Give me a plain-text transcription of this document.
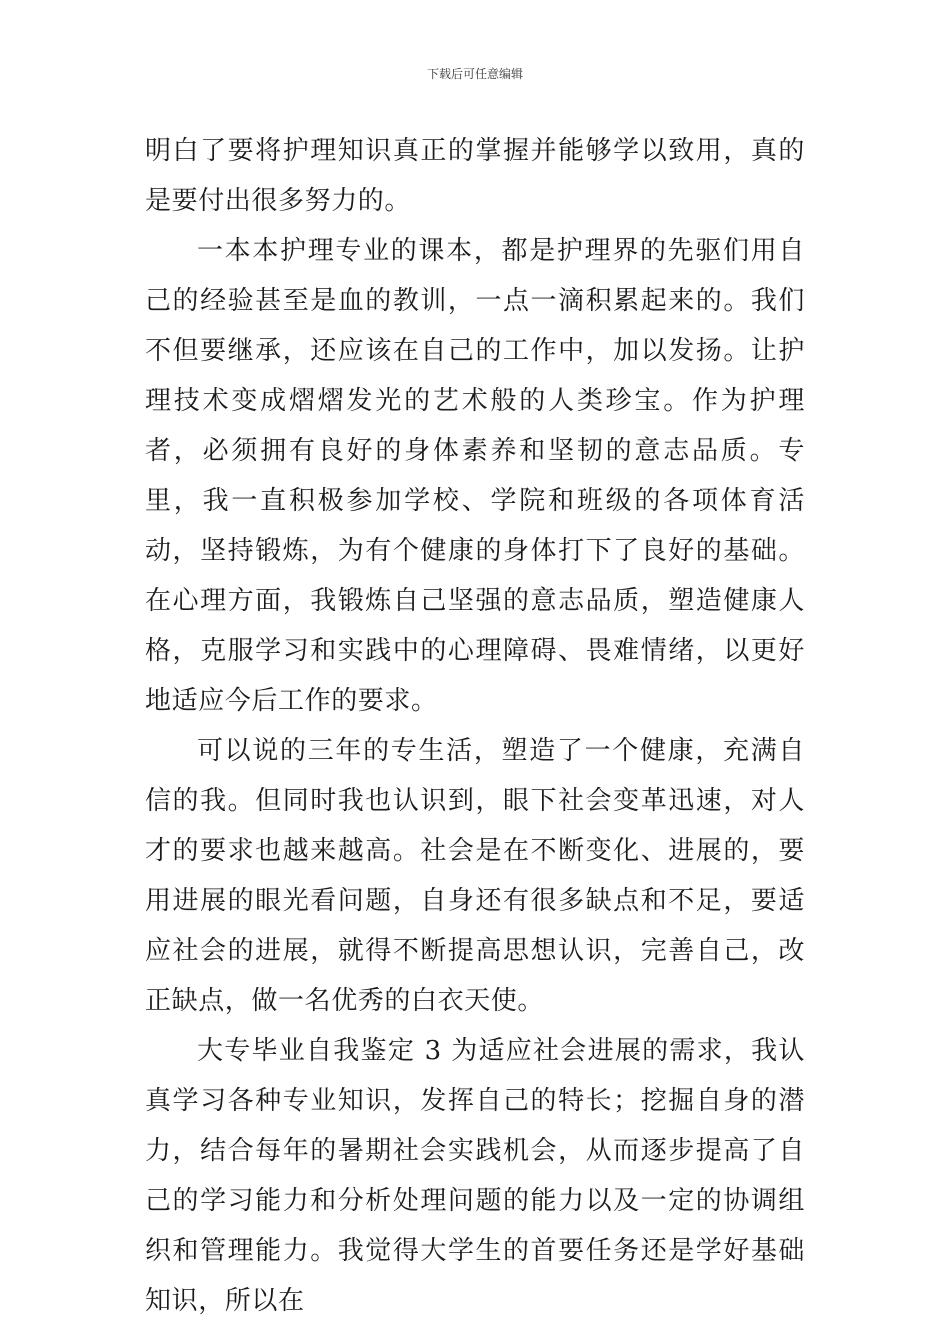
下载后可任意编辑

明白了要将护理知识真正的掌握并能够学以致用，真的是要付出很多努力的。

一本本护理专业的课本，都是护理界的先驱们用自己的经验甚至是血的教训，一点一滴积累起来的。我们不但要继承，还应该在自己的工作中，加以发扬。让护理技术变成熠熠发光的艺术般的人类珍宝。作为护理者，必须拥有良好的身体素养和坚韧的意志品质。专里，我一直积极参加学校、学院和班级的各项体育活动，坚持锻炼，为有个健康的身体打下了良好的基础。在心理方面，我锻炼自己坚强的意志品质，塑造健康人格，克服学习和实践中的心理障碍、畏难情绪，以更好地适应今后工作的要求。

可以说的三年的专生活，塑造了一个健康，充满自信的我。但同时我也认识到，眼下社会变革迅速，对人才的要求也越来越高。社会是在不断变化、进展的，要用进展的眼光看问题，自身还有很多缺点和不足，要适应社会的进展，就得不断提高思想认识，完善自己，改正缺点，做一名优秀的白衣天使。

大专毕业自我鉴定 3 为适应社会进展的需求，我认真学习各种专业知识，发挥自己的特长；挖掘自身的潜力，结合每年的暑期社会实践机会，从而逐步提高了自己的学习能力和分析处理问题的能力以及一定的协调组织和管理能力。我觉得大学生的首要任务还是学好基础知识，所以在
